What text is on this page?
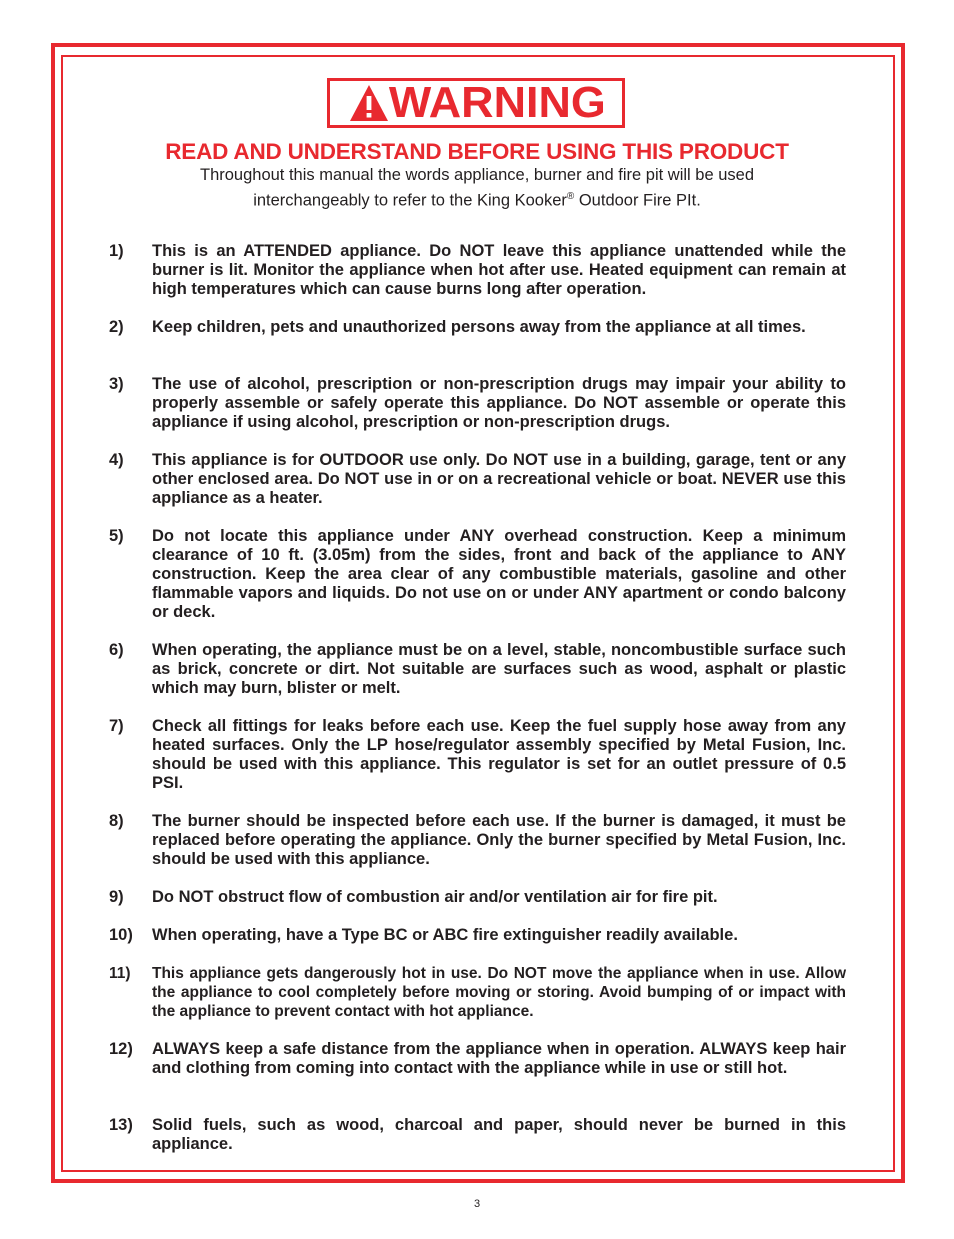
WARNING
READ AND UNDERSTAND BEFORE USING THIS PRODUCT
Throughout this manual the words appliance, burner and fire pit will be used
interchangeably to refer to the King Kooker® Outdoor Fire PIt.
1) This is an ATTENDED appliance. Do NOT leave this appliance unattended while the burner is lit. Monitor the appliance when hot after use. Heated equipment can remain at high temperatures which can cause burns long after operation.
2) Keep children, pets and unauthorized persons away from the appliance at all times.
3) The use of alcohol, prescription or non-prescription drugs may impair your ability to properly assemble or safely operate this appliance. Do NOT assemble or operate this appliance if using alcohol, prescription or non-prescription drugs.
4) This appliance is for OUTDOOR use only. Do NOT use in a building, garage, tent or any other enclosed area. Do NOT use in or on a recreational vehicle or boat. NEVER use this appliance as a heater.
5) Do not locate this appliance under ANY overhead construction. Keep a minimum clearance of 10 ft. (3.05m) from the sides, front and back of the appliance to ANY construction. Keep the area clear of any combustible materials, gasoline and other flammable vapors and liquids. Do not use on or under ANY apartment or condo balcony or deck.
6) When operating, the appliance must be on a level, stable, noncombustible surface such as brick, concrete or dirt. Not suitable are surfaces such as wood, asphalt or plastic which may burn, blister or melt.
7) Check all fittings for leaks before each use. Keep the fuel supply hose away from any heated surfaces. Only the LP hose/regulator assembly specified by Metal Fusion, Inc. should be used with this appliance. This regulator is set for an outlet pressure of 0.5 PSI.
8) The burner should be inspected before each use. If the burner is damaged, it must be replaced before operating the appliance. Only the burner specified by Metal Fusion, Inc. should be used with this appliance.
9) Do NOT obstruct flow of combustion air and/or ventilation air for fire pit.
10) When operating, have a Type BC or ABC fire extinguisher readily available.
11) This appliance gets dangerously hot in use. Do NOT move the appliance when in use. Allow the appliance to cool completely before moving or storing. Avoid bumping of or impact with the appliance to prevent contact with hot appliance.
12) ALWAYS keep a safe distance from the appliance when in operation. ALWAYS keep hair and clothing from coming into contact with the appliance while in use or still hot.
13) Solid fuels, such as wood, charcoal and paper, should never be burned in this appliance.
3
